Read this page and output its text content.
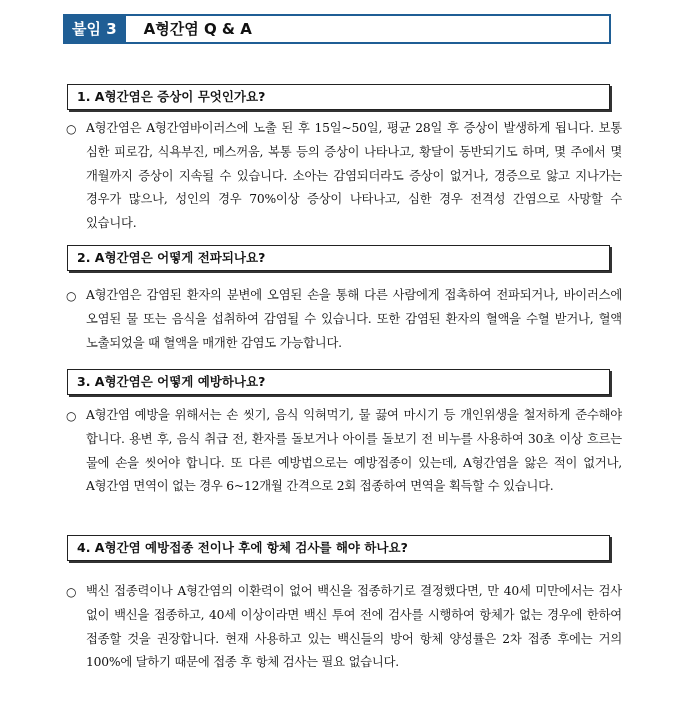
붙임 3	A형간염 Q & A
1. A형간염은 증상이 무엇인가요?
○ A형간염은 A형간염바이러스에 노출 된 후 15일~50일, 평균 28일 후 증상이 발생하게 됩니다. 보통 심한 피로감, 식욕부진, 메스꺼움, 복통 등의 증상이 나타나고, 황달이 동반되기도 하며, 몇 주에서 몇 개월까지 증상이 지속될 수 있습니다. 소아는 감염되더라도 증상이 없거나, 경증으로 앓고 지나가는 경우가 많으나, 성인의 경우 70%이상 증상이 나타나고, 심한 경우 전격성 간염으로 사망할 수 있습니다.
2. A형간염은 어떻게 전파되나요?
○ A형간염은 감염된 환자의 분변에 오염된 손을 통해 다른 사람에게 접촉하여 전파되거나, 바이러스에 오염된 물 또는 음식을 섭취하여 감염될 수 있습니다. 또한 감염된 환자의 혈액을 수혈 받거나, 혈액 노출되었을 때 혈액을 매개한 감염도 가능합니다.
3. A형간염은 어떻게 예방하나요?
○ A형간염 예방을 위해서는 손 씻기, 음식 익혀먹기, 물 끓여 마시기 등 개인위생을 철저하게 준수해야 합니다. 용변 후, 음식 취급 전, 환자를 돌보거나 아이를 돌보기 전 비누를 사용하여 30초 이상 흐르는 물에 손을 씻어야 합니다. 또 다른 예방법으로는 예방접종이 있는데, A형간염을 앓은 적이 없거나, A형간염 면역이 없는 경우 6~12개월 간격으로 2회 접종하여 면역을 획득할 수 있습니다.
4. A형간염 예방접종 전이나 후에 항체 검사를 해야 하나요?
○ 백신 접종력이나 A형간염의 이환력이 없어 백신을 접종하기로 결정했다면, 만 40세 미만에서는 검사 없이 백신을 접종하고, 40세 이상이라면 백신 투여 전에 검사를 시행하여 항체가 없는 경우에 한하여 접종할 것을 권장합니다. 현재 사용하고 있는 백신들의 방어 항체 양성률은 2차 접종 후에는 거의 100%에 달하기 때문에 접종 후 항체 검사는 필요 없습니다.
